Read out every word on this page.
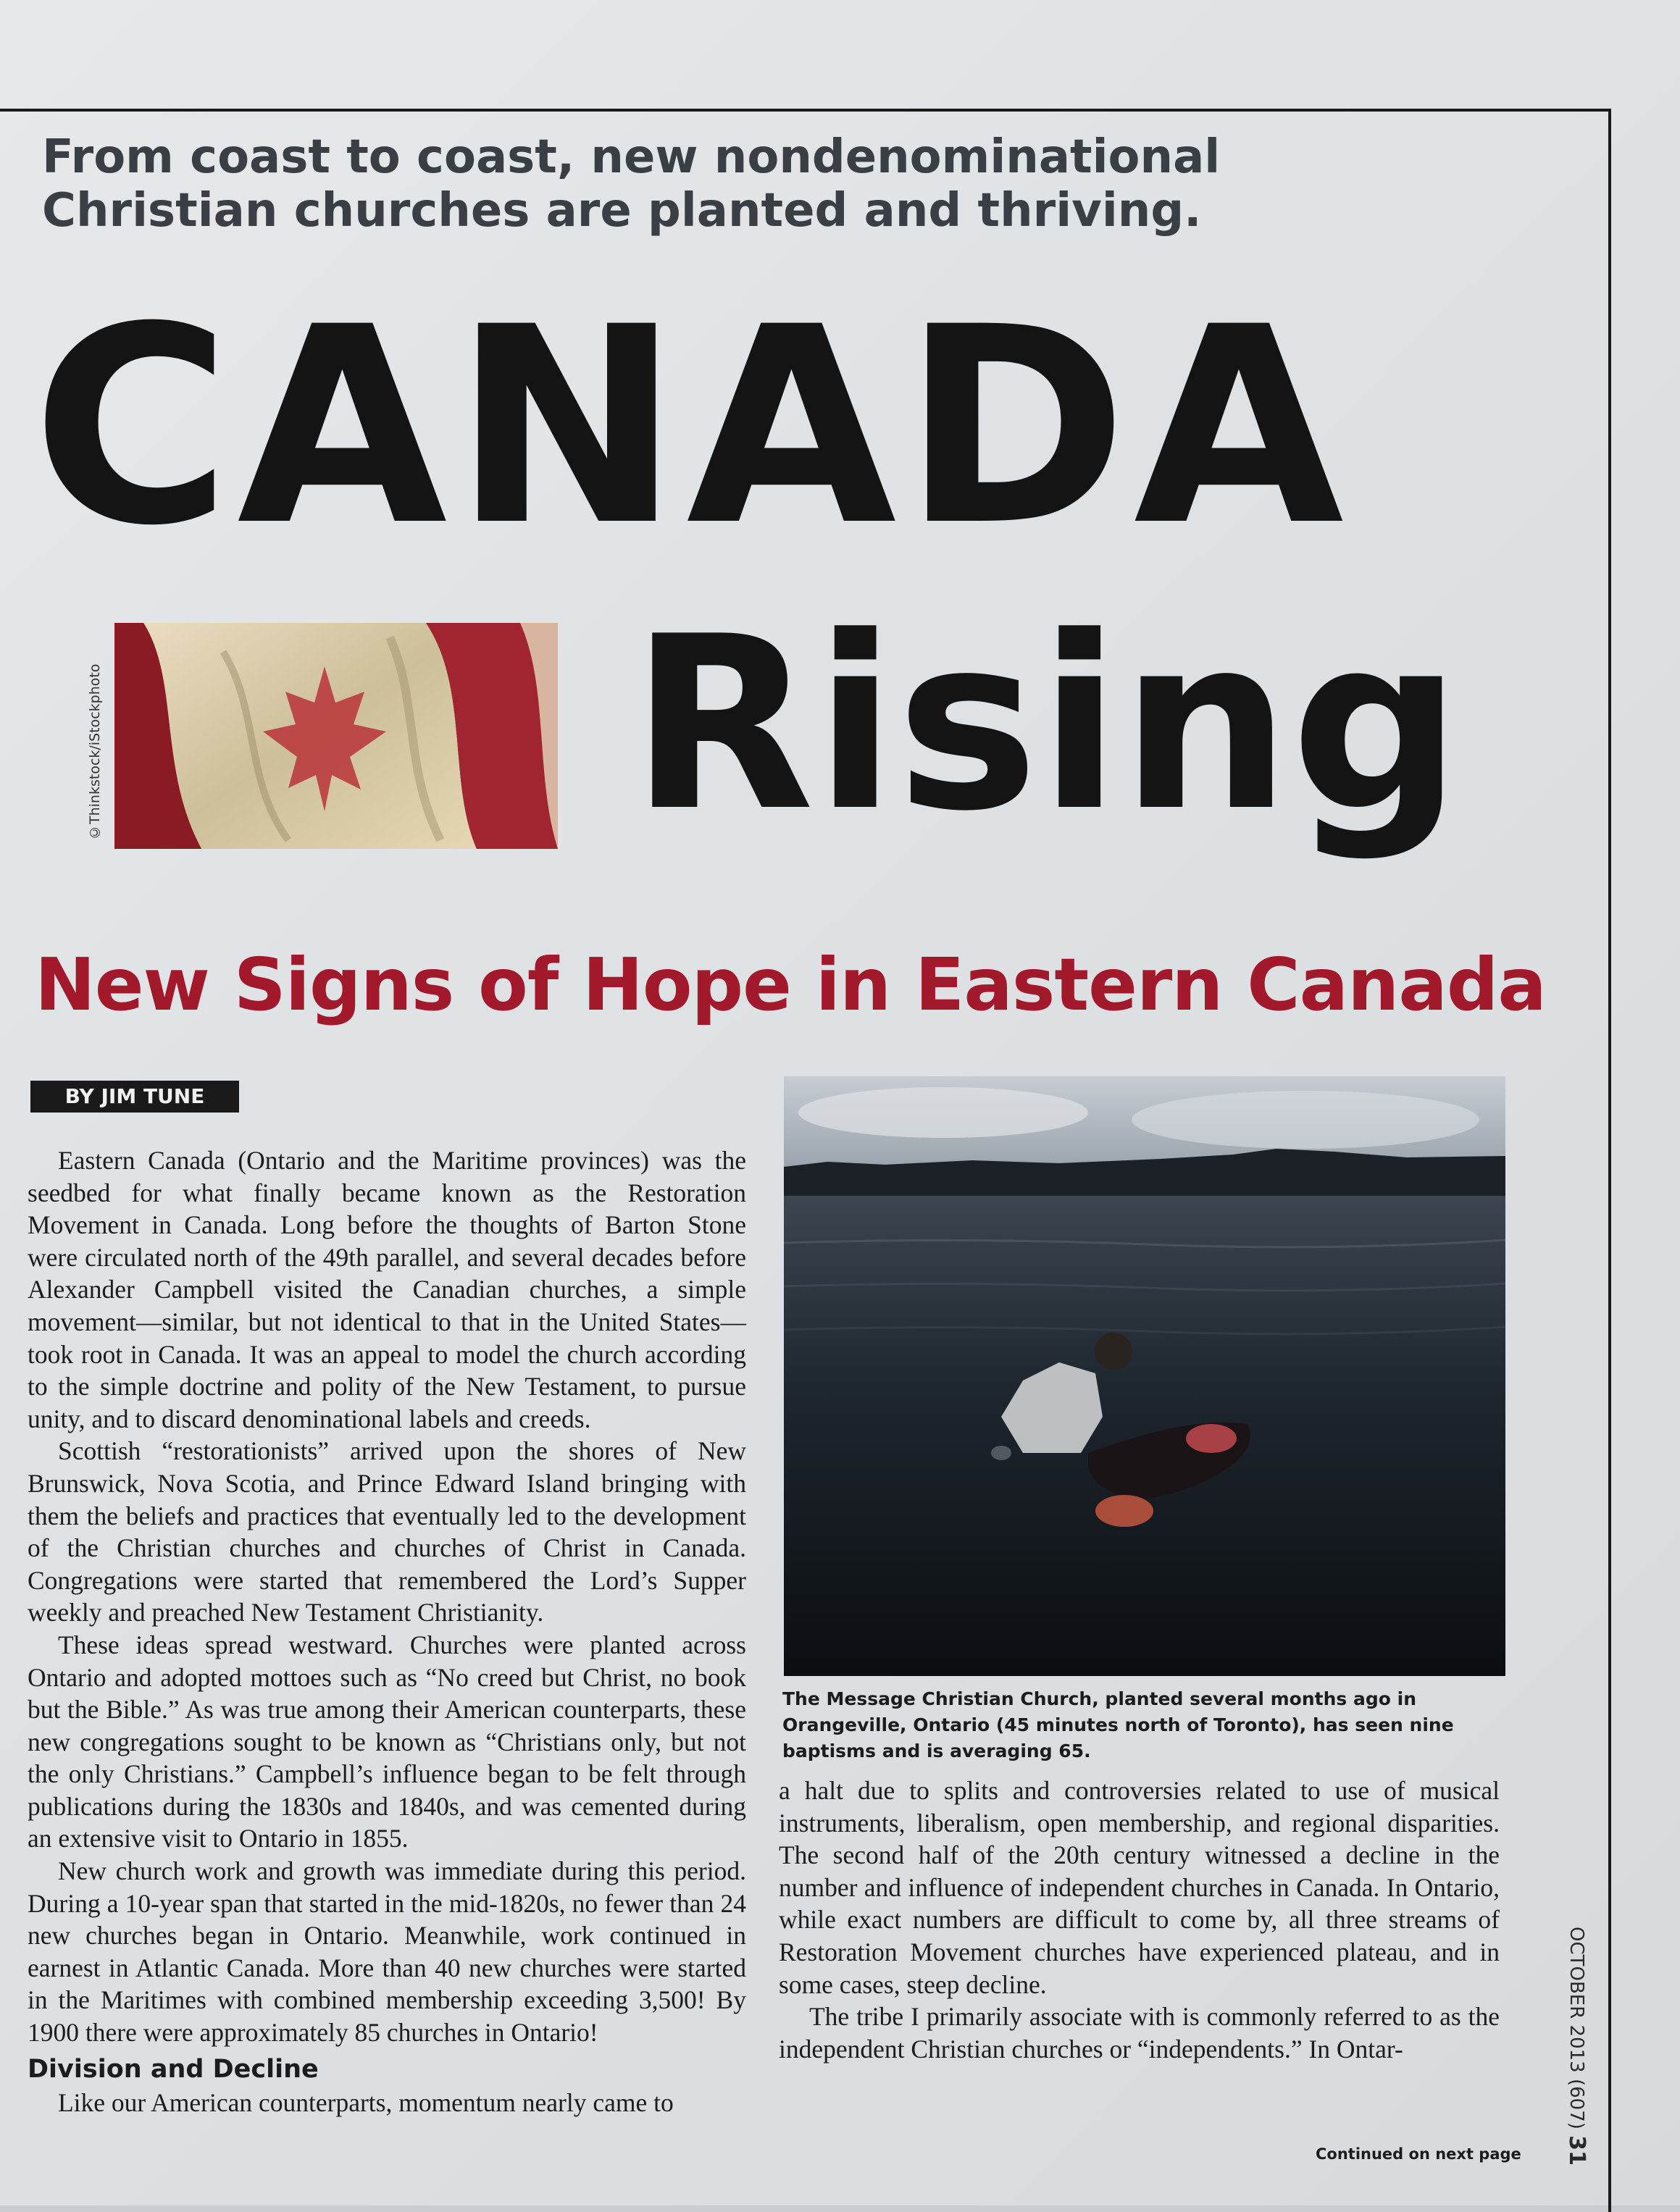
From coast to coast, new nondenominational Christian churches are planted and thriving.
CANADA
©Thinkstock/iStockphoto Rising
New Signs of Hope in Eastern Canada
BY JIM TUNE

Eastern Canada (Ontario and the Maritime provinces) was the seedbed for what finally became known as the Restoration Movement in Canada. Long before the thoughts of Barton Stone were circulated north of the 49th parallel, and several decades before Alexander Campbell visited the Canadian churches, a simple movement—similar, but not identical to that in the United States—took root in Canada. It was an appeal to model the church according to the simple doctrine and polity of the New Testament, to pursue unity, and to discard denominational labels and creeds.

Scottish “restorationists” arrived upon the shores of New Brunswick, Nova Scotia, and Prince Edward Island bringing with them the beliefs and practices that eventually led to the development of the Christian churches and churches of Christ in Canada. Congregations were started that remembered the Lord’s Supper weekly and preached New Testament Christianity.

These ideas spread westward. Churches were planted across Ontario and adopted mottoes such as “No creed but Christ, no book but the Bible.” As was true among their American counterparts, these new congregations sought to be known as “Christians only, but not the only Christians.” Campbell’s influence began to be felt through publications during the 1830s and 1840s, and was cemented during an extensive visit to Ontario in 1855.

New church work and growth was immediate during this period. During a 10-year span that started in the mid-1820s, no fewer than 24 new churches began in Ontario. Meanwhile, work continued in earnest in Atlantic Canada. More than 40 new churches were started in the Maritimes with combined membership exceeding 3,500! By 1900 there were approximately 85 churches in Ontario!

Division and Decline

Like our American counterparts, momentum nearly came to

The Message Christian Church, planted several months ago in Orangeville, Ontario (45 minutes north of Toronto), has seen nine baptisms and is averaging 65.

a halt due to splits and controversies related to use of musical instruments, liberalism, open membership, and regional disparities. The second half of the 20th century witnessed a decline in the number and influence of independent churches in Canada. In Ontario, while exact numbers are difficult to come by, all three streams of Restoration Movement churches have experienced plateau, and in some cases, steep decline.

The tribe I primarily associate with is commonly referred to as the independent Christian churches or “independents.” In Ontar-

Continued on next page
OCTOBER 2013 (607) 31
